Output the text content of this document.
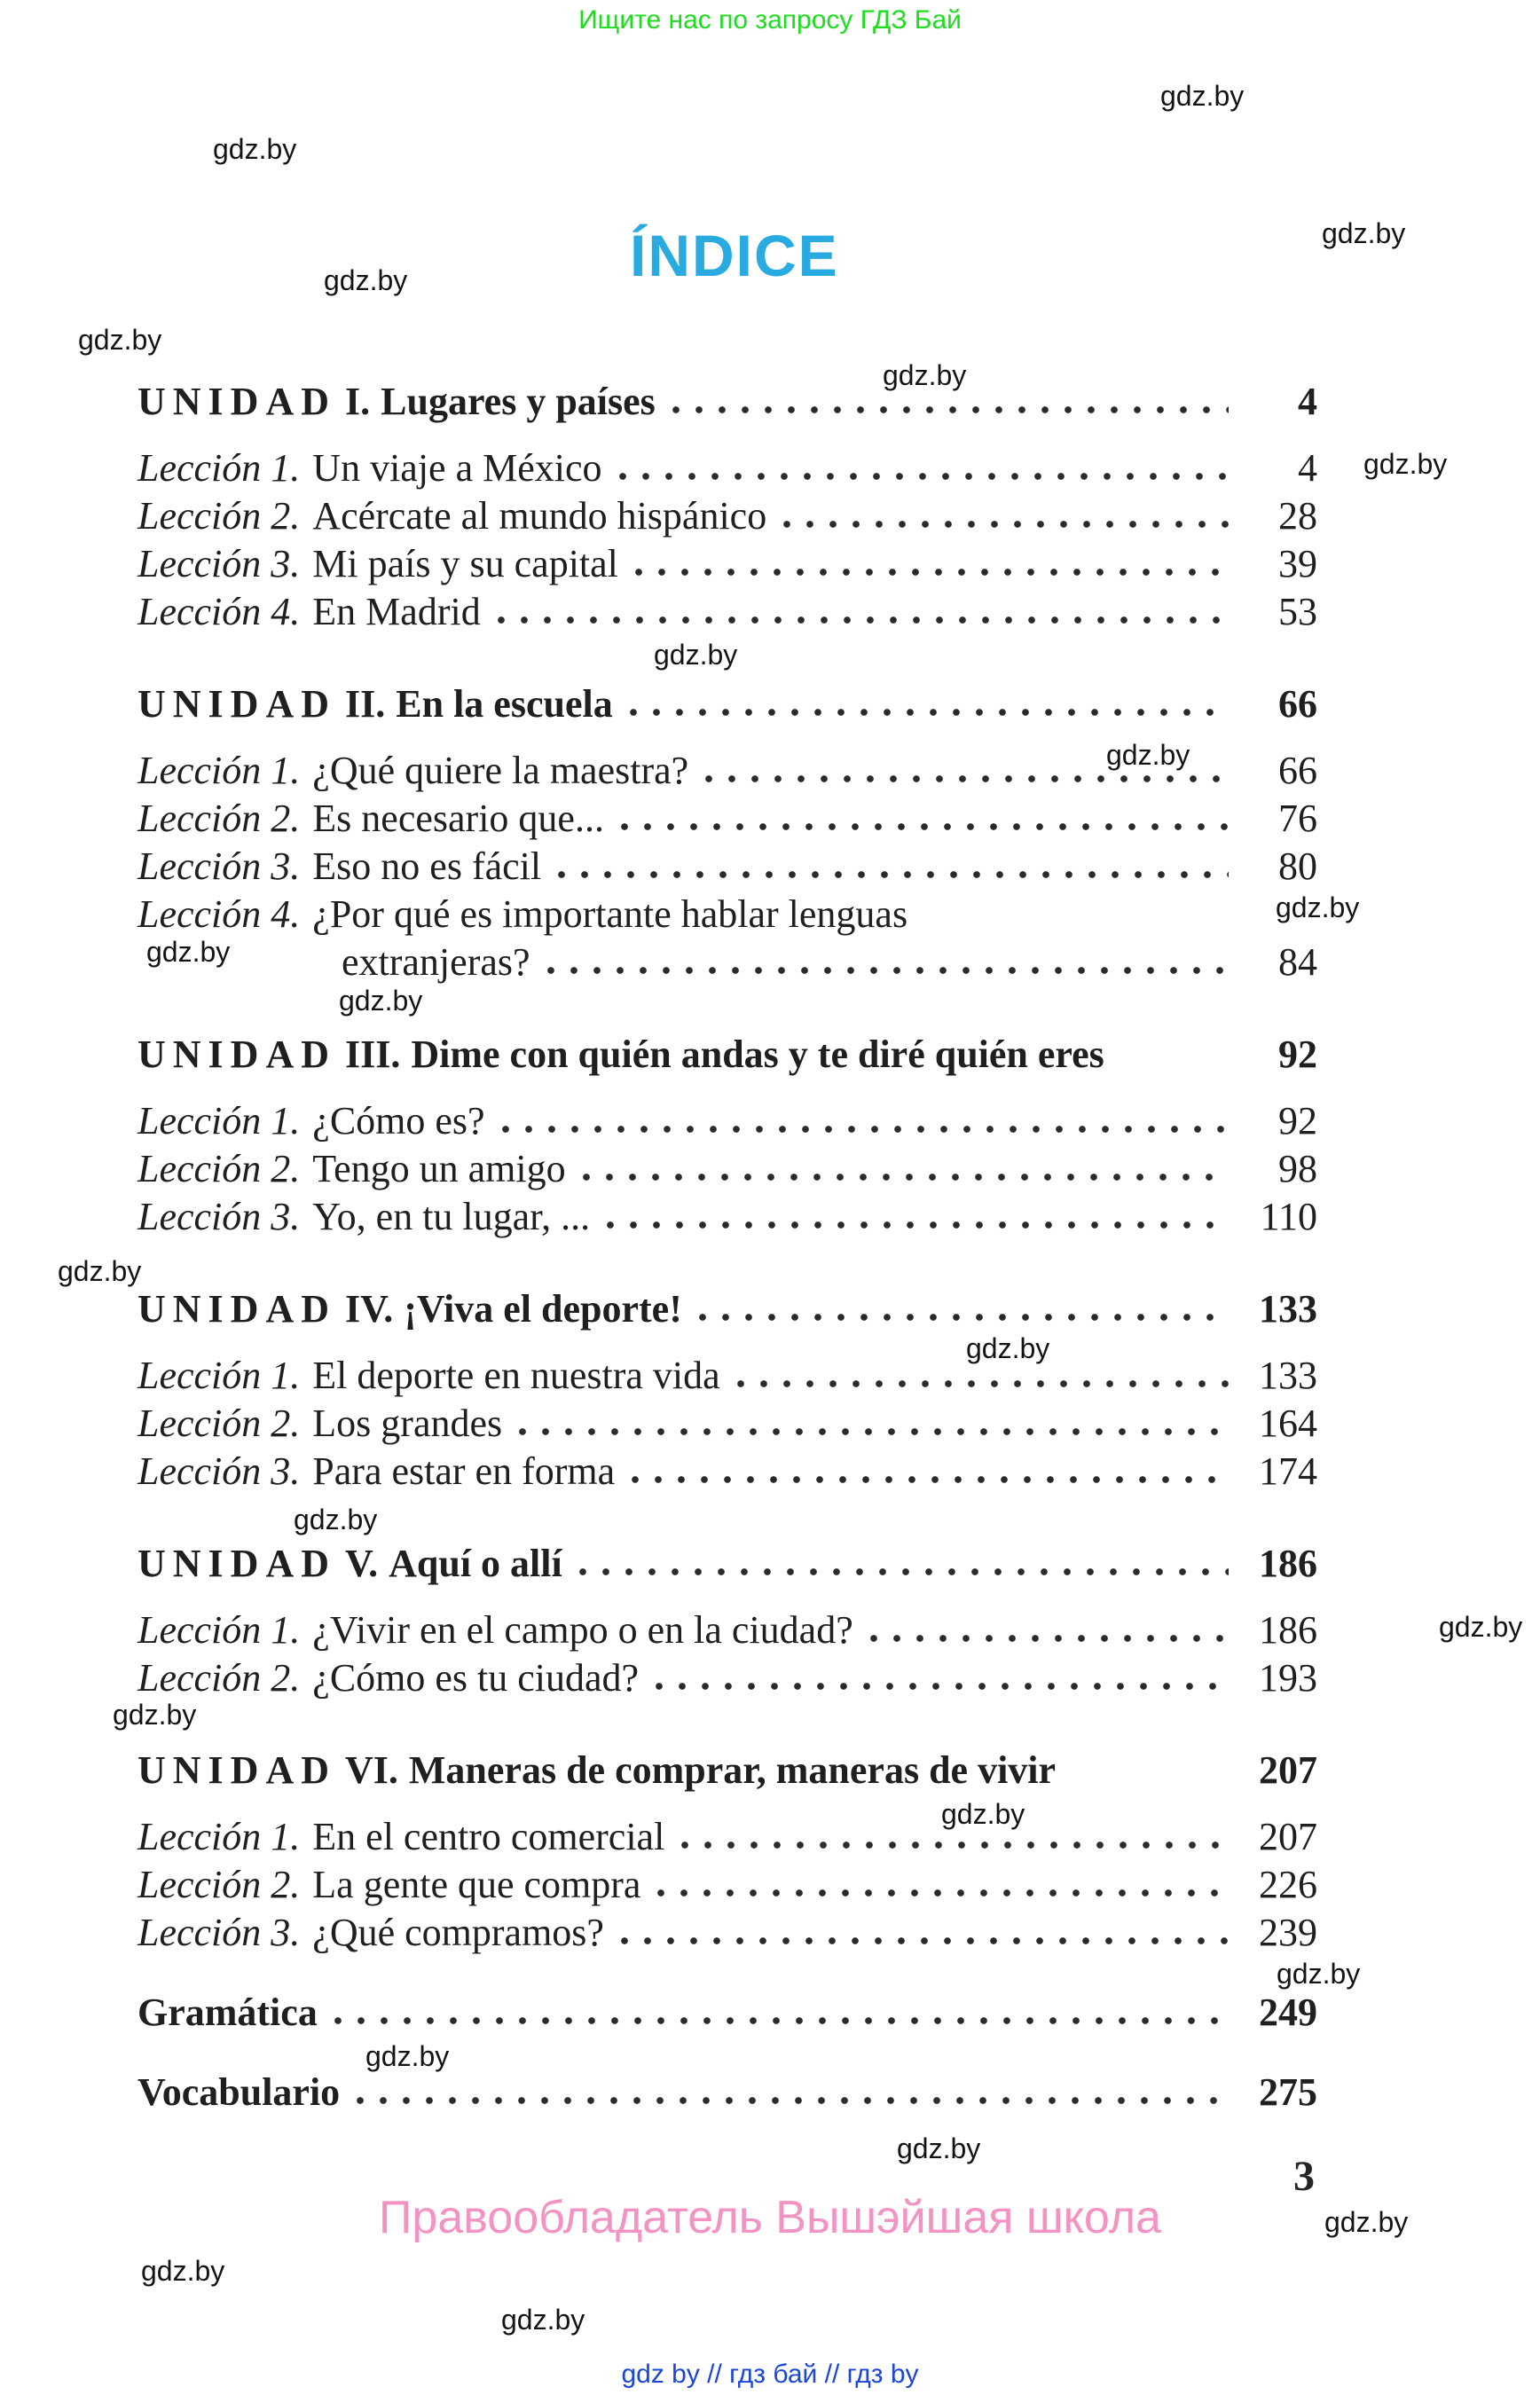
Ищите нас по запросу ГДЗ Бай
gdz.by
gdz.by
gdz.by
gdz.by
gdz.by
gdz.by
gdz.by
gdz.by
gdz.by
gdz.by
gdz.by
gdz.by
gdz.by
gdz.by
gdz.by
gdz.by
gdz.by
gdz.by
gdz.by
gdz.by
gdz.by
gdz.by
gdz.by
gdz.by
ÍNDICE
UNIDAD I. Lugares y países	4
Lección 1. Un viaje a México	4
Lección 2. Acércate al mundo hispánico	28
Lección 3. Mi país y su capital	39
Lección 4. En Madrid	53
UNIDAD II. En la escuela	66
Lección 1. ¿Qué quiere la maestra?	66
Lección 2. Es necesario que...	76
Lección 3. Eso no es fácil	80
Lección 4. ¿Por qué es importante hablar lenguas
extranjeras?	84
UNIDAD III. Dime con quién andas y te diré quién eres	92
Lección 1. ¿Cómo es?	92
Lección 2. Tengo un amigo	98
Lección 3. Yo, en tu lugar, ...	110
UNIDAD IV. ¡Viva el deporte!	133
Lección 1. El deporte en nuestra vida	133
Lección 2. Los grandes	164
Lección 3. Para estar en forma	174
UNIDAD V. Aquí o allí	186
Lección 1. ¿Vivir en el campo o en la ciudad?	186
Lección 2. ¿Cómo es tu ciudad?	193
UNIDAD VI. Maneras de comprar, maneras de vivir	207
Lección 1. En el centro comercial	207
Lección 2. La gente que compra	226
Lección 3. ¿Qué compramos?	239
Gramática	249
Vocabulario	275
3
Правообладатель Вышэйшая школа
gdz by // гдз бай // гдз by
